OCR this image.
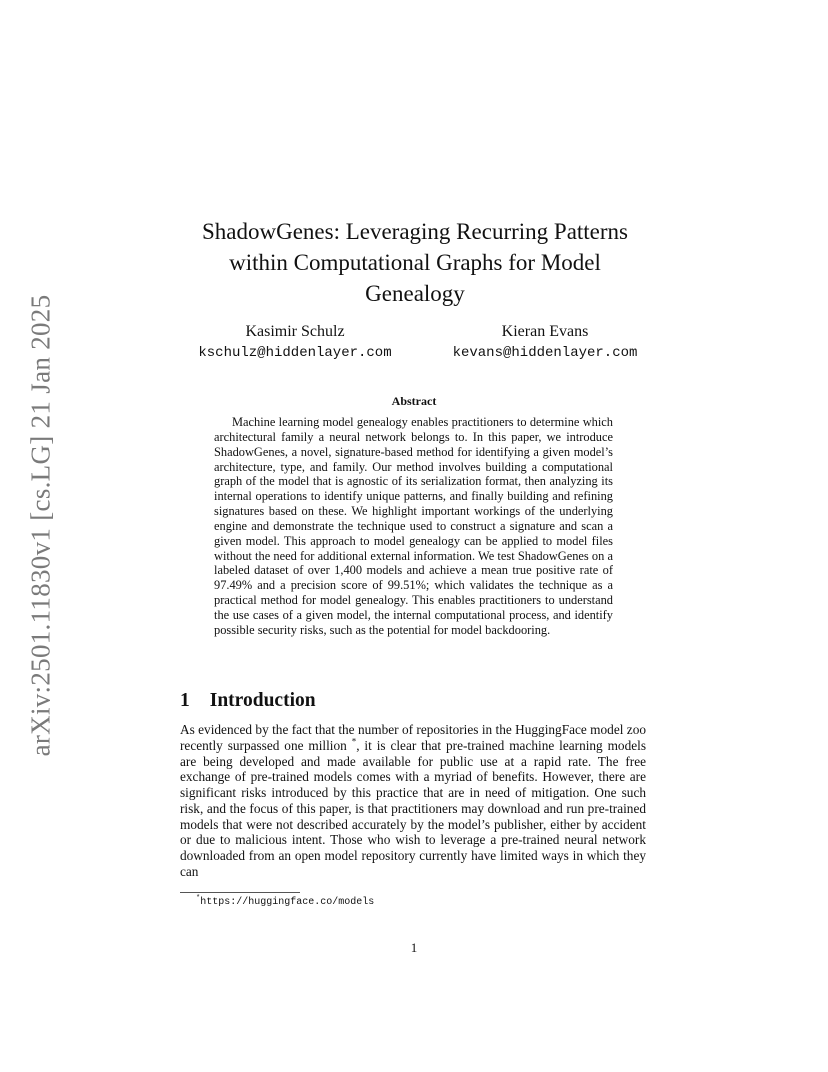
arXiv:2501.11830v1 [cs.LG] 21 Jan 2025
ShadowGenes: Leveraging Recurring Patterns
within Computational Graphs for Model
Genealogy
Kasimir Schulz
kschulz@hiddenlayer.com
Kieran Evans
kevans@hiddenlayer.com
Abstract

Machine learning model genealogy enables practitioners to determine which architectural family a neural network belongs to. In this paper, we introduce ShadowGenes, a novel, signature-based method for identifying a given model’s architecture, type, and family. Our method involves building a computational graph of the model that is agnostic of its serialization format, then analyzing its internal operations to identify unique patterns, and finally building and refining signatures based on these. We highlight important workings of the underlying engine and demonstrate the technique used to construct a signature and scan a given model. This approach to model genealogy can be applied to model files without the need for additional external information. We test ShadowGenes on a labeled dataset of over 1,400 models and achieve a mean true positive rate of 97.49% and a precision score of 99.51%; which validates the technique as a practical method for model genealogy. This enables practitioners to understand the use cases of a given model, the internal computational process, and identify possible security risks, such as the potential for model backdooring.

1 Introduction

As evidenced by the fact that the number of repositories in the HuggingFace model zoo recently surpassed one million *, it is clear that pre-trained machine learning models are being developed and made available for public use at a rapid rate. The free exchange of pre-trained models comes with a myriad of benefits. However, there are significant risks introduced by this practice that are in need of mitigation. One such risk, and the focus of this paper, is that practitioners may download and run pre-trained models that were not described accurately by the model’s publisher, either by accident or due to malicious intent. Those who wish to leverage a pre-trained neural network downloaded from an open model repository currently have limited ways in which they can

*https://huggingface.co/models
1
